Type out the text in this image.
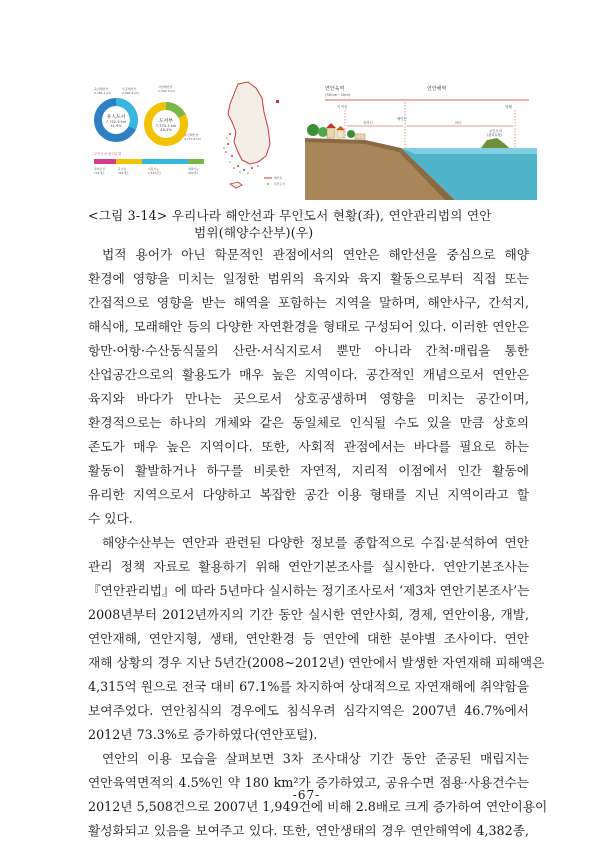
유人도서
7,752.3 km
31.9%
육지해안선
2,794.1 km
인공해안선
2,992.4 km
도서부
7,374.3 km
48.3%
자연해안선
1,302.3 km
유인해안선
4,777.8 km
무인도서 관리유형
절대보전	준보전	이용가능	개발가능
134개소	554개소	1,547개소	334개소
해안선
무인도서
연안육역
(500m~1km)
연안해역
지적선	영해
해안선
바다
육역선
무인도서
(관리유형)
<그림 3-14> 우리나라 해안선과 무인도서 현황(좌), 연안관리법의 연안
범위(해양수산부)(우)

법적 용어가 아닌 학문적인 관점에서의 연안은 해안선을 중심으로 해양
환경에 영향을 미치는 일정한 범위의 육지와 육지 활동으로부터 직접 또는
간접적으로 영향을 받는 해역을 포함하는 지역을 말하며, 해안사구, 간석지,
해식애, 모래해안 등의 다양한 자연환경을 형태로 구성되어 있다. 이러한 연안은
항만·어항·수산동식물의 산란·서식지로서 뿐만 아니라 간척·매립을 통한
산업공간으로의 활용도가 매우 높은 지역이다. 공간적인 개념으로서 연안은
육지와 바다가 만나는 곳으로서 상호공생하며 영향을 미치는 공간이며,
환경적으로는 하나의 개체와 같은 동일체로 인식될 수도 있을 만큼 상호의
존도가 매우 높은 지역이다. 또한, 사회적 관점에서는 바다를 필요로 하는
활동이 활발하거나 하구를 비롯한 자연적, 지리적 이점에서 인간 활동에
유리한 지역으로서 다양하고 복잡한 공간 이용 형태를 지닌 지역이라고 할
수 있다.

해양수산부는 연안과 관련된 다양한 정보를 종합적으로 수집·분석하여 연안
관리 정책 자료로 활용하기 위해 연안기본조사를 실시한다. 연안기본조사는
『연안관리법』에 따라 5년마다 실시하는 정기조사로서 ‘제3차 연안기본조사’는
2008년부터 2012년까지의 기간 동안 실시한 연안사회, 경제, 연안이용, 개발,
연안재해, 연안지형, 생태, 연안환경 등 연안에 대한 분야별 조사이다. 연안
재해 상황의 경우 지난 5년간(2008~2012년) 연안에서 발생한 자연재해 피해액은
4,315억 원으로 전국 대비 67.1%를 차지하여 상대적으로 자연재해에 취약함을
보여주었다. 연안침식의 경우에도 침식우려 심각지역은 2007년 46.7%에서
2012년 73.3%로 증가하였다(연안포털).

연안의 이용 모습을 살펴보면 3차 조사대상 기간 동안 준공된 매립지는
연안육역면적의 4.5%인 약 180 km²가 증가하였고, 공유수면 점용·사용건수는
2012년 5,508건으로 2007년 1,949건에 비해 2.8배로 크게 증가하여 연안이용이
활성화되고 있음을 보여주고 있다. 또한, 연안생태의 경우 연안해역에 4,382종,

-67-
